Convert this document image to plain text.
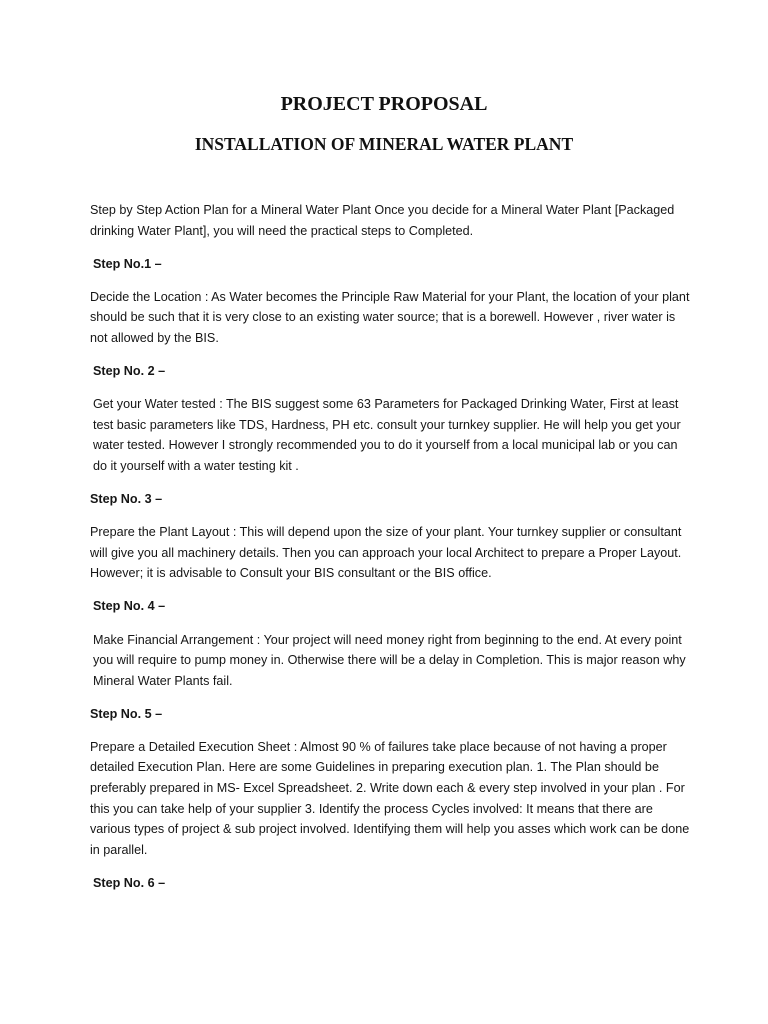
PROJECT PROPOSAL
INSTALLATION OF MINERAL WATER PLANT

Step by Step Action Plan for a Mineral Water Plant Once you decide for a Mineral Water Plant [Packaged drinking Water Plant], you will need the practical steps to Completed.

Step No.1 –

Decide the Location : As Water becomes the Principle Raw Material for your Plant, the location of your plant should be such that it is very close to an existing water source; that is a borewell. However , river water is not allowed by the BIS.

Step No. 2 –

Get your Water tested : The BIS suggest some 63 Parameters for Packaged Drinking Water, First at least test basic parameters like TDS, Hardness, PH etc. consult your turnkey supplier. He will help you get your water tested. However I strongly recommended you to do it yourself from a local municipal lab or you can do it yourself with a water testing kit .

Step No. 3 –

Prepare the Plant Layout : This will depend upon the size of your plant. Your turnkey supplier or consultant will give you all machinery details. Then you can approach your local Architect to prepare a Proper Layout. However; it is advisable to Consult your BIS consultant or the BIS office.

Step No. 4 –

Make Financial Arrangement : Your project will need money right from beginning to the end. At every point you will require to pump money in. Otherwise there will be a delay in Completion. This is major reason why Mineral Water Plants fail.

Step No. 5 –

Prepare a Detailed Execution Sheet : Almost 90 % of failures take place because of not having a proper detailed Execution Plan. Here are some Guidelines in preparing execution plan. 1. The Plan should be preferably prepared in MS- Excel Spreadsheet. 2. Write down each & every step involved in your plan . For this you can take help of your supplier 3. Identify the process Cycles involved: It means that there are various types of project & sub project involved. Identifying them will help you asses which work can be done in parallel.

Step No. 6 –
